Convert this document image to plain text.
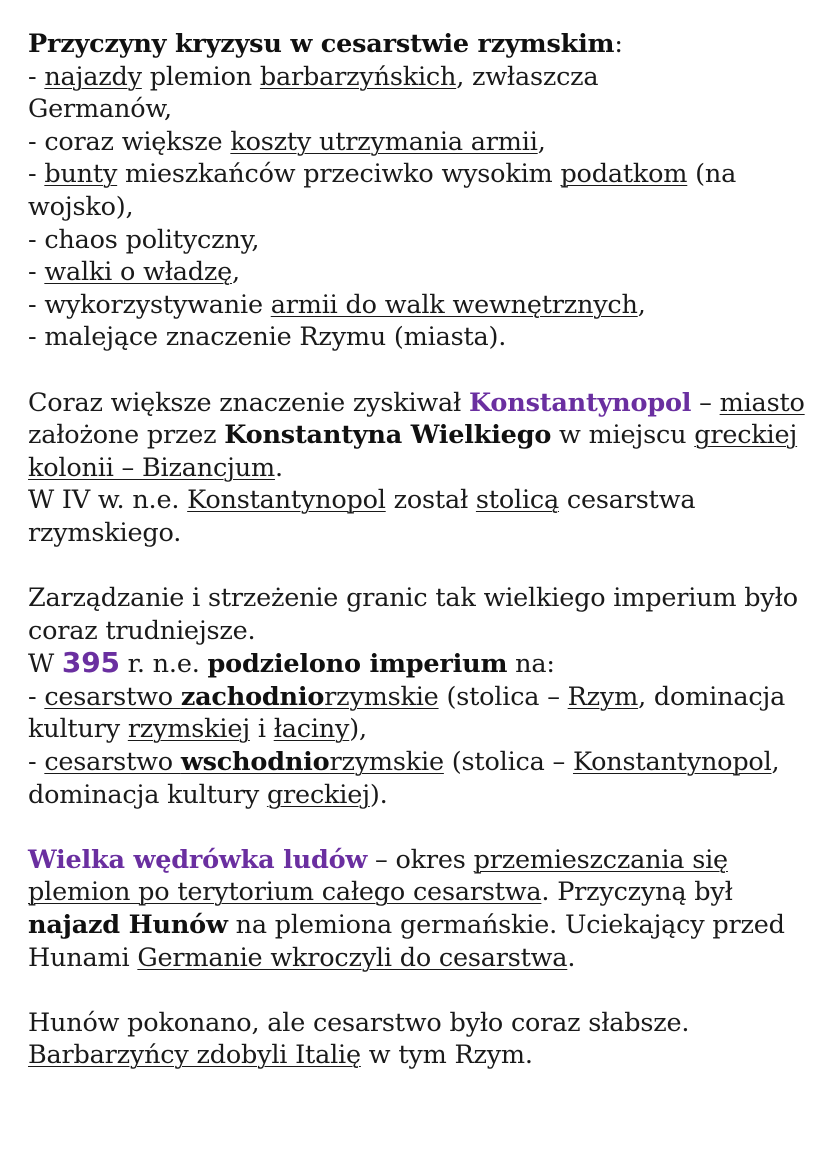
Przyczyny kryzysu w cesarstwie rzymskim:
- najazdy plemion barbarzyńskich, zwłaszcza Germanów,
- coraz większe koszty utrzymania armii,
- bunty mieszkańców przeciwko wysokim podatkom (na wojsko),
- chaos polityczny,
- walki o władzę,
- wykorzystywanie armii do walk wewnętrznych,
- malejące znaczenie Rzymu (miasta).
Coraz większe znaczenie zyskiwał Konstantynopol – miasto założone przez Konstantyna Wielkiego w miejscu greckiej kolonii – Bizancjum.
W IV w. n.e. Konstantynopol został stolicą cesarstwa rzymskiego.
Zarządzanie i strzeżenie granic tak wielkiego imperium było coraz trudniejsze.
W 395 r. n.e. podzielono imperium na:
- cesarstwo zachodniorzymskie (stolica – Rzym, dominacja kultury rzymskiej i łaciny),
- cesarstwo wschodniorzymskie (stolica – Konstantynopol, dominacja kultury greckiej).
Wielka wędrówka ludów – okres przemieszczania się plemion po terytorium całego cesarstwa. Przyczyną był najazd Hunów na plemiona germańskie. Uciekający przed Hunami Germanie wkroczyli do cesarstwa.
Hunów pokonano, ale cesarstwo było coraz słabsze.
Barbarzyńcy zdobyli Italię w tym Rzym.
